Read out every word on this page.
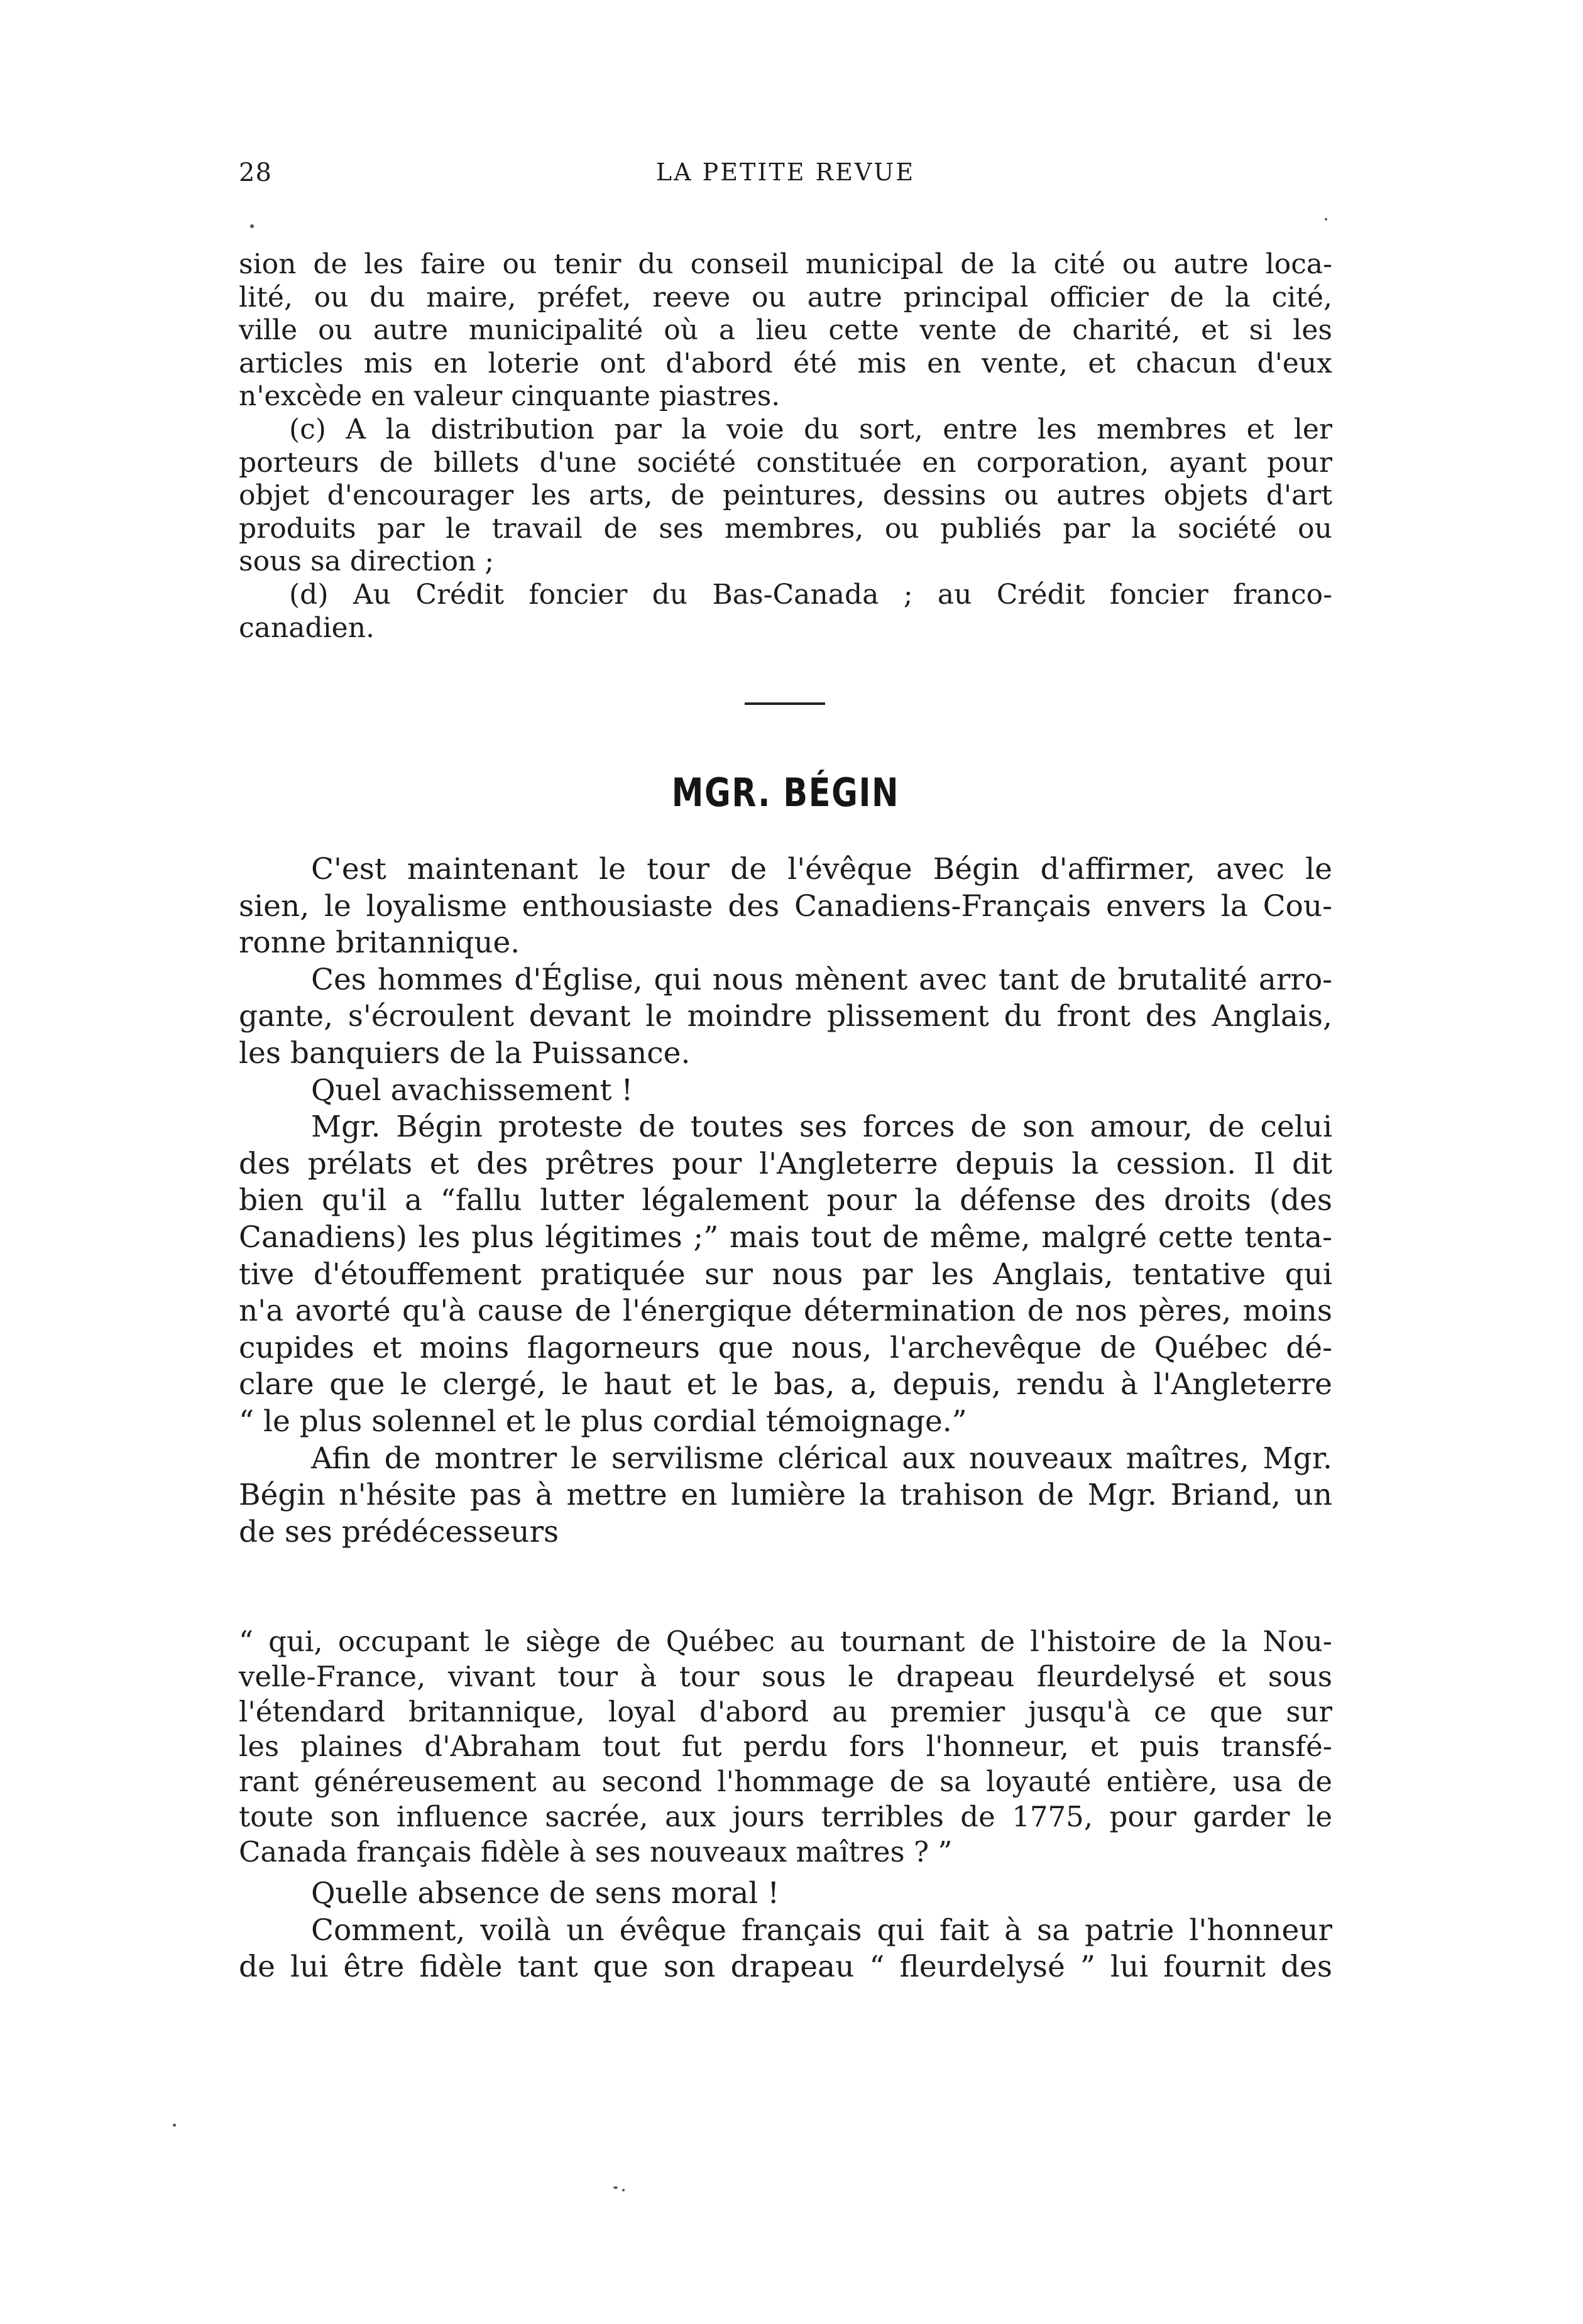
28	LA PETITE REVUE
sion de les faire ou tenir du conseil municipal de la cité ou autre loca-
lité, ou du maire, préfet, reeve ou autre principal officier de la cité,
ville ou autre municipalité où a lieu cette vente de charité, et si les
articles mis en loterie ont d'abord été mis en vente, et chacun d'eux
n'excède en valeur cinquante piastres.
(c) A la distribution par la voie du sort, entre les membres et ler
porteurs de billets d'une société constituée en corporation, ayant pour
objet d'encourager les arts, de peintures, dessins ou autres objets d'art
produits par le travail de ses membres, ou publiés par la société ou
sous sa direction ;
(d) Au Crédit foncier du Bas-Canada ; au Crédit foncier franco-
canadien.
MGR. BÉGIN
C'est maintenant le tour de l'évêque Bégin d'affirmer, avec le
sien, le loyalisme enthousiaste des Canadiens-Français envers la Cou-
ronne britannique.
Ces hommes d'Église, qui nous mènent avec tant de brutalité arro-
gante, s'écroulent devant le moindre plissement du front des Anglais,
les banquiers de la Puissance.
Quel avachissement !
Mgr. Bégin proteste de toutes ses forces de son amour, de celui
des prélats et des prêtres pour l'Angleterre depuis la cession. Il dit
bien qu'il a “fallu lutter légalement pour la défense des droits (des
Canadiens) les plus légitimes ;” mais tout de même, malgré cette tenta-
tive d'étouffement pratiquée sur nous par les Anglais, tentative qui
n'a avorté qu'à cause de l'énergique détermination de nos pères, moins
cupides et moins flagorneurs que nous, l'archevêque de Québec dé-
clare que le clergé, le haut et le bas, a, depuis, rendu à l'Angleterre
“ le plus solennel et le plus cordial témoignage.”
Afin de montrer le servilisme clérical aux nouveaux maîtres, Mgr.
Bégin n'hésite pas à mettre en lumière la trahison de Mgr. Briand, un
de ses prédécesseurs
“ qui, occupant le siège de Québec au tournant de l'histoire de la Nou-
velle-France, vivant tour à tour sous le drapeau fleurdelysé et sous
l'étendard britannique, loyal d'abord au premier jusqu'à ce que sur
les plaines d'Abraham tout fut perdu fors l'honneur, et puis transfé-
rant généreusement au second l'hommage de sa loyauté entière, usa de
toute son influence sacrée, aux jours terribles de 1775, pour garder le
Canada français fidèle à ses nouveaux maîtres ? ”
Quelle absence de sens moral !
Comment, voilà un évêque français qui fait à sa patrie l'honneur
de lui être fidèle tant que son drapeau “ fleurdelysé ” lui fournit des
